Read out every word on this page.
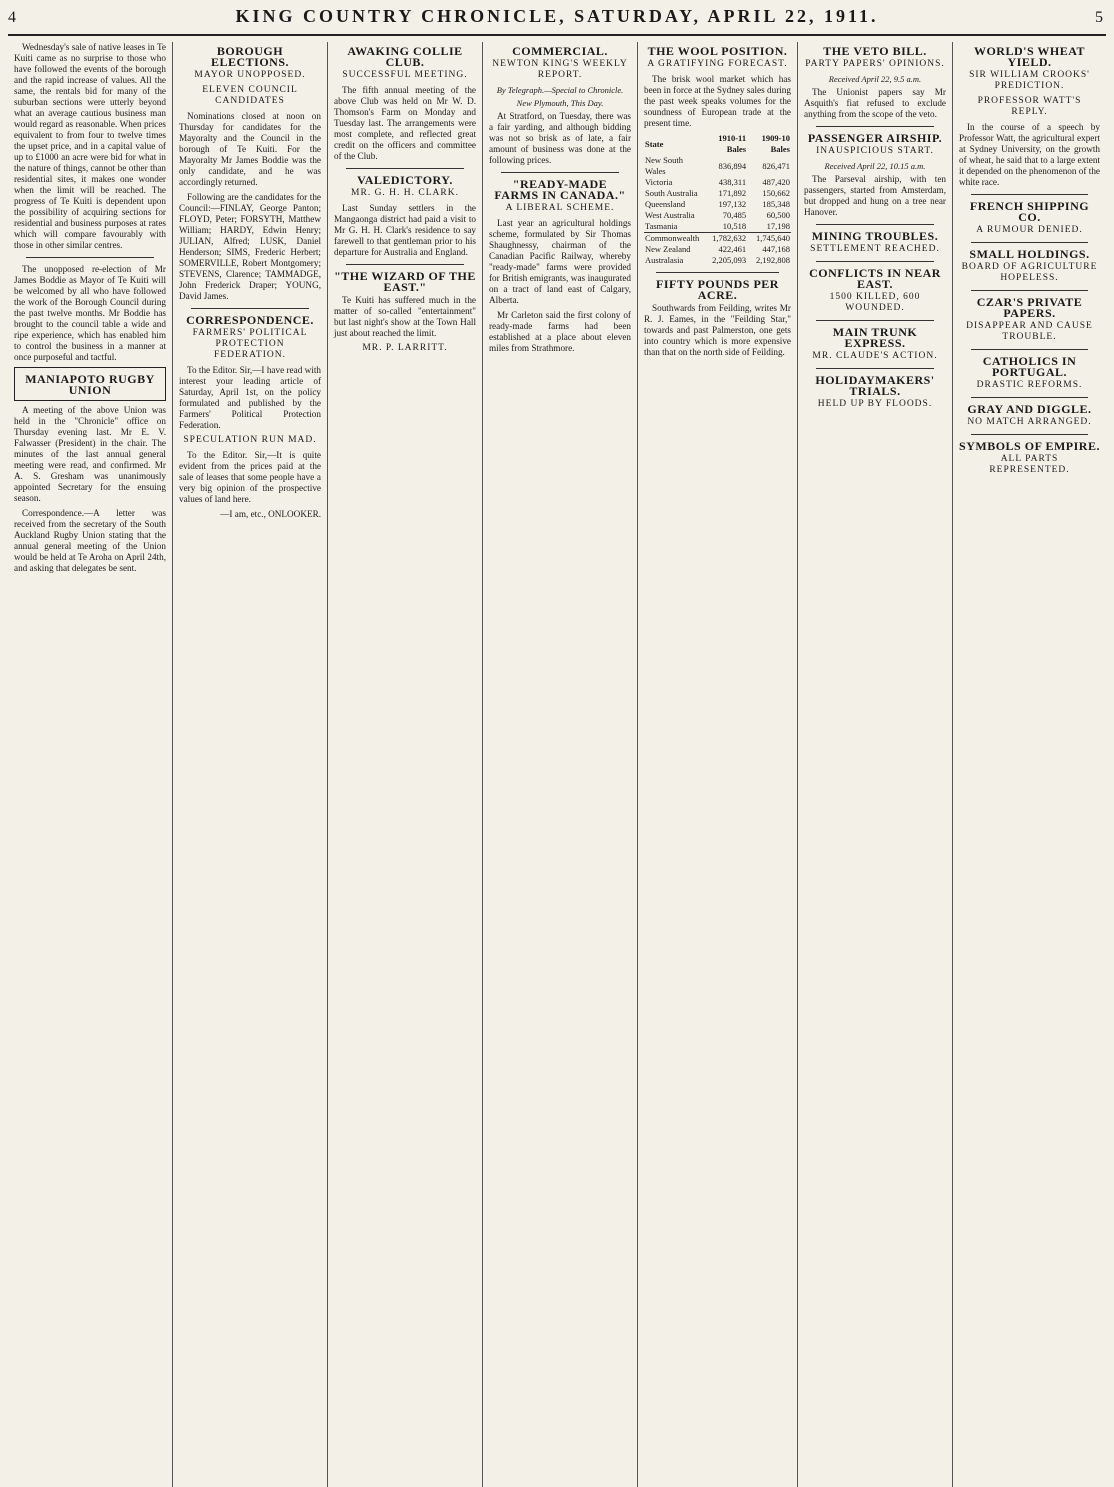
4	KING COUNTRY CHRONICLE, SATURDAY, APRIL 22, 1911.	5

Wednesday's sale of native leases in Te Kuiti came as no surprise to those who have followed the events of the borough and the rapid increase of values. All the same, the rentals bid for many of the suburban sections were utterly beyond what an average cautious business man would regard as reasonable. When prices equivalent to from four to twelve times the upset price, and in a capital value of up to £1000 an acre were bid for what in the nature of things, cannot be other than residential sites, it makes one wonder when the limit will be reached. The progress of Te Kuiti is dependent upon the possibility of acquiring sections for residential and business purposes at rates which will compare favourably with those in other similar centres.

The unopposed re-election of Mr James Boddie as Mayor of Te Kuiti will be welcomed by all who have followed the work of the Borough Council during the past twelve months. Mr Boddie has brought to the council table a wide and ripe experience, which has enabled him to control the business in a manner at once purposeful and tactful.

MANIAPOTO RUGBY UNION

A meeting of the above Union was held in the "Chronicle" office on Thursday evening last. Mr E. V. Falwasser (President) in the chair. The minutes of the last annual general meeting were read, and confirmed. Mr A. S. Gresham was unanimously appointed Secretary for the ensuing season.

Correspondence.—A letter was received from the secretary of the South Auckland Rugby Union stating that the annual general meeting of the Union would be held at Te Aroha on April 24th, and asking that delegates be sent.

BOROUGH ELECTIONS.
MAYOR UNOPPOSED.
ELEVEN COUNCIL CANDIDATES

Nominations closed at noon on Thursday for candidates for the Mayoralty and the Council in the borough of Te Kuiti. For the Mayoralty Mr James Boddie was the only candidate, and he was accordingly returned.

Following are the candidates for the Council:—FINLAY, George Panton; FLOYD, Peter; FORSYTH, Matthew William; HARDY, Edwin Henry; JULIAN, Alfred; LUSK, Daniel Henderson; SIMS, Frederic Herbert; SOMERVILLE, Robert Montgomery; STEVENS, Clarence; TAMMADGE, John Frederick Draper; YOUNG, David James.

CORRESPONDENCE.
FARMERS' POLITICAL PROTECTION FEDERATION.

To the Editor. Sir,—I have read with interest your leading article of Saturday, April 1st, on the policy formulated and published by the Farmers' Political Protection Federation.

SPECULATION RUN MAD.

To the Editor. Sir,—It is quite evident from the prices paid at the sale of leases that some people have a very big opinion of the prospective values of land here.

—I am, etc., ONLOOKER.

AWAKING COLLIE CLUB.
SUCCESSFUL MEETING.

The fifth annual meeting of the above Club was held on Mr W. D. Thomson's Farm on Monday and Tuesday last. The arrangements were most complete, and reflected great credit on the officers and committee of the Club.

VALEDICTORY.
MR. G. H. H. CLARK.

Last Sunday settlers in the Mangaonga district had paid a visit to Mr G. H. H. Clark's residence to say farewell to that gentleman prior to his departure for Australia and England.

"THE WIZARD OF THE EAST."

Te Kuiti has suffered much in the matter of so-called "entertainment" but last night's show at the Town Hall just about reached the limit.

MR. P. LARRITT.
COMMERCIAL.
NEWTON KING'S WEEKLY REPORT.
By Telegraph.—Special to Chronicle.
New Plymouth, This Day.

At Stratford, on Tuesday, there was a fair yarding, and although bidding was not so brisk as of late, a fair amount of business was done at the following prices.

"READY-MADE FARMS IN CANADA."
A LIBERAL SCHEME.

Last year an agricultural holdings scheme, formulated by Sir Thomas Shaughnessy, chairman of the Canadian Pacific Railway, whereby "ready-made" farms were provided for British emigrants, was inaugurated on a tract of land east of Calgary, Alberta.

Mr Carleton said the first colony of ready-made farms had been established at a place about eleven miles from Strathmore.

THE WOOL POSITION.
A GRATIFYING FORECAST.

The brisk wool market which has been in force at the Sydney sales during the past week speaks volumes for the soundness of European trade at the present time.

State	1910-11 Bales	1909-10 Bales
New South Wales	836,894	826,471
Victoria	438,311	487,420
South Australia	171,892	150,662
Queensland	197,132	185,348
West Australia	70,485	60,500
Tasmania	10,518	17,198
Commonwealth	1,782,632	1,745,640
New Zealand	422,461	447,168
Australasia	2,205,093	2,192,808
FIFTY POUNDS PER ACRE.

Southwards from Feilding, writes Mr R. J. Eames, in the "Feilding Star," towards and past Palmerston, one gets into country which is more expensive than that on the north side of Feilding.

THE VETO BILL.
PARTY PAPERS' OPINIONS.
Received April 22, 9.5 a.m.

The Unionist papers say Mr Asquith's fiat refused to exclude anything from the scope of the veto.

PASSENGER AIRSHIP.
INAUSPICIOUS START.
Received April 22, 10.15 a.m.

The Parseval airship, with ten passengers, started from Amsterdam, but dropped and hung on a tree near Hanover.

MINING TROUBLES.
SETTLEMENT REACHED.
CONFLICTS IN NEAR EAST.
1500 KILLED, 600 WOUNDED.
MAIN TRUNK EXPRESS.
MR. CLAUDE'S ACTION.
HOLIDAYMAKERS' TRIALS.
HELD UP BY FLOODS.
WORLD'S WHEAT YIELD.
SIR WILLIAM CROOKS' PREDICTION.
PROFESSOR WATT'S REPLY.

In the course of a speech by Professor Watt, the agricultural expert at Sydney University, on the growth of wheat, he said that to a large extent it depended on the phenomenon of the white race.

FRENCH SHIPPING CO.
A RUMOUR DENIED.
SMALL HOLDINGS.
BOARD OF AGRICULTURE HOPELESS.
CZAR'S PRIVATE PAPERS.
DISAPPEAR AND CAUSE TROUBLE.
CATHOLICS IN PORTUGAL.
DRASTIC REFORMS.
GRAY AND DIGGLE.
NO MATCH ARRANGED.
SYMBOLS OF EMPIRE.
ALL PARTS REPRESENTED.
